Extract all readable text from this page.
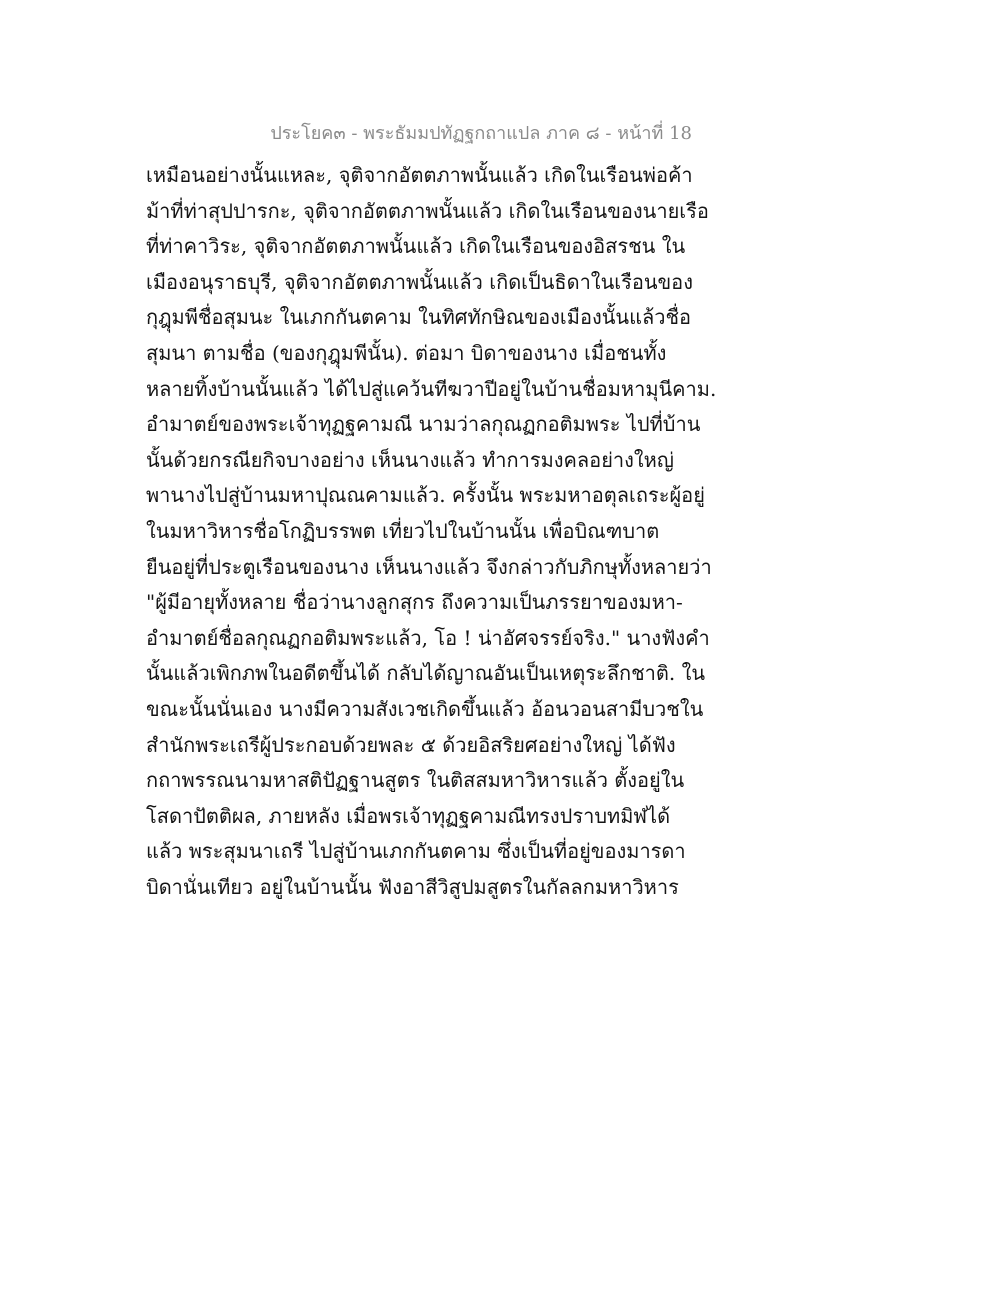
ประโยค๓ - พระธัมมปทัฏฐกถาแปล ภาค ๘ - หน้าที่ 18
เหมือนอย่างนั้นแหละ, จุติจากอัตตภาพนั้นแล้ว เกิดในเรือนพ่อค้า
ม้าที่ท่าสุปปารกะ, จุติจากอัตตภาพนั้นแล้ว เกิดในเรือนของนายเรือ
ที่ท่าคาวิระ, จุติจากอัตตภาพนั้นแล้ว เกิดในเรือนของอิสรชน ใน
เมืองอนุราธบุรี, จุติจากอัตตภาพนั้นแล้ว เกิดเป็นธิดาในเรือนของ
กุฎุมพีชื่อสุมนะ ในเภกกันตคาม ในทิศทักษิณของเมืองนั้นแล้วชื่อ
สุมนา ตามชื่อ (ของกุฎุมพีนั้น). ต่อมา บิดาของนาง เมื่อชนทั้ง
หลายทิ้งบ้านนั้นแล้ว ได้ไปสู่แคว้นทีฆวาปีอยู่ในบ้านชื่อมหามุนีคาม.
อำมาตย์ของพระเจ้าทุฏฐคามณี นามว่าลกุณฏกอติมพระ ไปที่บ้าน
นั้นด้วยกรณียกิจบางอย่าง เห็นนางแล้ว ทำการมงคลอย่างใหญ่
พานางไปสู่บ้านมหาปุณณคามแล้ว. ครั้งนั้น พระมหาอตุลเถระผู้อยู่
ในมหาวิหารชื่อโกฏิบรรพต เที่ยวไปในบ้านนั้น เพื่อบิณฑบาต
ยืนอยู่ที่ประตูเรือนของนาง เห็นนางแล้ว จึงกล่าวกับภิกษุทั้งหลายว่า
"ผู้มีอายุทั้งหลาย ชื่อว่านางลูกสุกร ถึงความเป็นภรรยาของมหา-
อำมาตย์ชื่อลกุณฏกอติมพระแล้ว, โอ ! น่าอัศจรรย์จริง." นางฟังคำ
นั้นแล้วเพิกภพในอดีตขึ้นได้ กลับได้ญาณอันเป็นเหตุระลึกชาติ. ใน
ขณะนั้นนั่นเอง นางมีความสังเวชเกิดขึ้นแล้ว อ้อนวอนสามีบวชใน
สำนักพระเถรีผู้ประกอบด้วยพละ ๕ ด้วยอิสริยศอย่างใหญ่ ได้ฟัง
กถาพรรณนามหาสติปัฏฐานสูตร ในติสสมหาวิหารแล้ว ตั้งอยู่ใน
โสดาปัตติผล, ภายหลัง เมื่อพรเจ้าทุฏฐคามณีทรงปราบทมิฬได้
แล้ว พระสุมนาเถรี ไปสู่บ้านเภกกันตคาม ซึ่งเป็นที่อยู่ของมารดา
บิดานั่นเทียว อยู่ในบ้านนั้น ฟังอาสีวิสูปมสูตรในกัลลกมหาวิหาร
